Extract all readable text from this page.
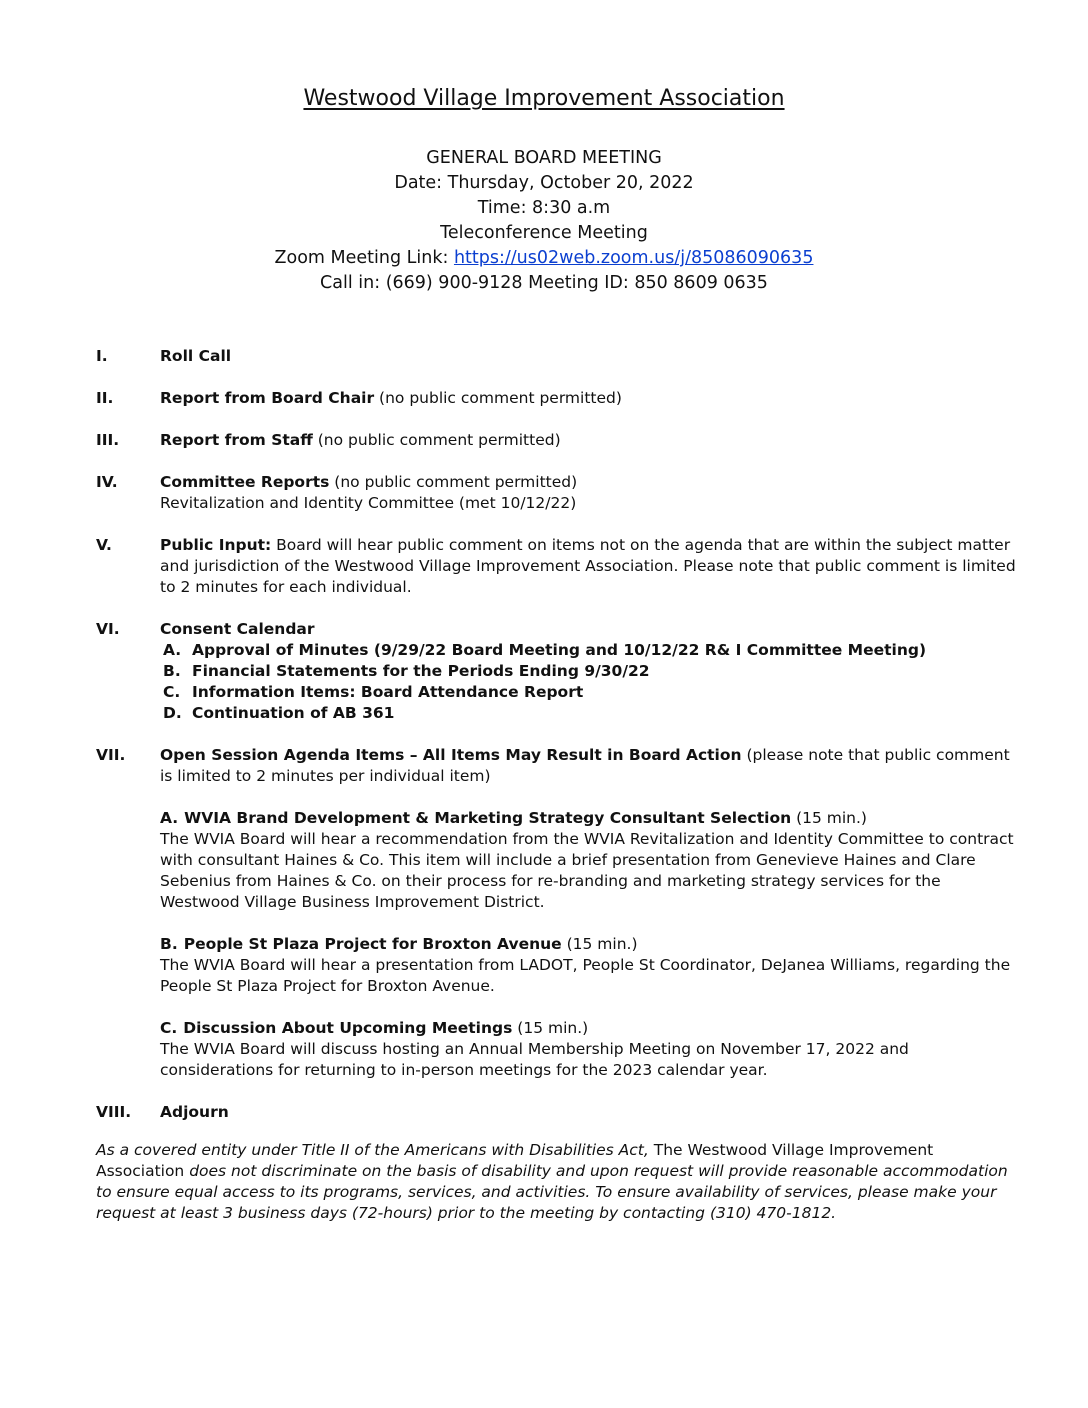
Westwood Village Improvement Association
GENERAL BOARD MEETING
Date: Thursday, October 20, 2022
Time: 8:30 a.m
Teleconference Meeting
Zoom Meeting Link: https://us02web.zoom.us/j/85086090635
Call in: (669) 900-9128 Meeting ID: 850 8609 0635
I.	Roll Call
II.	Report from Board Chair (no public comment permitted)
III.	Report from Staff (no public comment permitted)
IV.	Committee Reports (no public comment permitted)
Revitalization and Identity Committee (met 10/12/22)
V.	Public Input: Board will hear public comment on items not on the agenda that are within the subject matter and jurisdiction of the Westwood Village Improvement Association. Please note that public comment is limited to 2 minutes for each individual.
VI.	Consent Calendar
A. Approval of Minutes (9/29/22 Board Meeting and 10/12/22 R& I Committee Meeting)
B. Financial Statements for the Periods Ending 9/30/22
C. Information Items: Board Attendance Report
D. Continuation of AB 361
VII.	Open Session Agenda Items – All Items May Result in Board Action (please note that public comment is limited to 2 minutes per individual item)
A. WVIA Brand Development & Marketing Strategy Consultant Selection (15 min.)
The WVIA Board will hear a recommendation from the WVIA Revitalization and Identity Committee to contract with consultant Haines & Co. This item will include a brief presentation from Genevieve Haines and Clare Sebenius from Haines & Co. on their process for re-branding and marketing strategy services for the Westwood Village Business Improvement District.
B. People St Plaza Project for Broxton Avenue (15 min.)
The WVIA Board will hear a presentation from LADOT, People St Coordinator, DeJanea Williams, regarding the People St Plaza Project for Broxton Avenue.
C. Discussion About Upcoming Meetings (15 min.)
The WVIA Board will discuss hosting an Annual Membership Meeting on November 17, 2022 and considerations for returning to in-person meetings for the 2023 calendar year.
VIII.	Adjourn
As a covered entity under Title II of the Americans with Disabilities Act, The Westwood Village Improvement Association does not discriminate on the basis of disability and upon request will provide reasonable accommodation to ensure equal access to its programs, services, and activities. To ensure availability of services, please make your request at least 3 business days (72-hours) prior to the meeting by contacting (310) 470-1812.
